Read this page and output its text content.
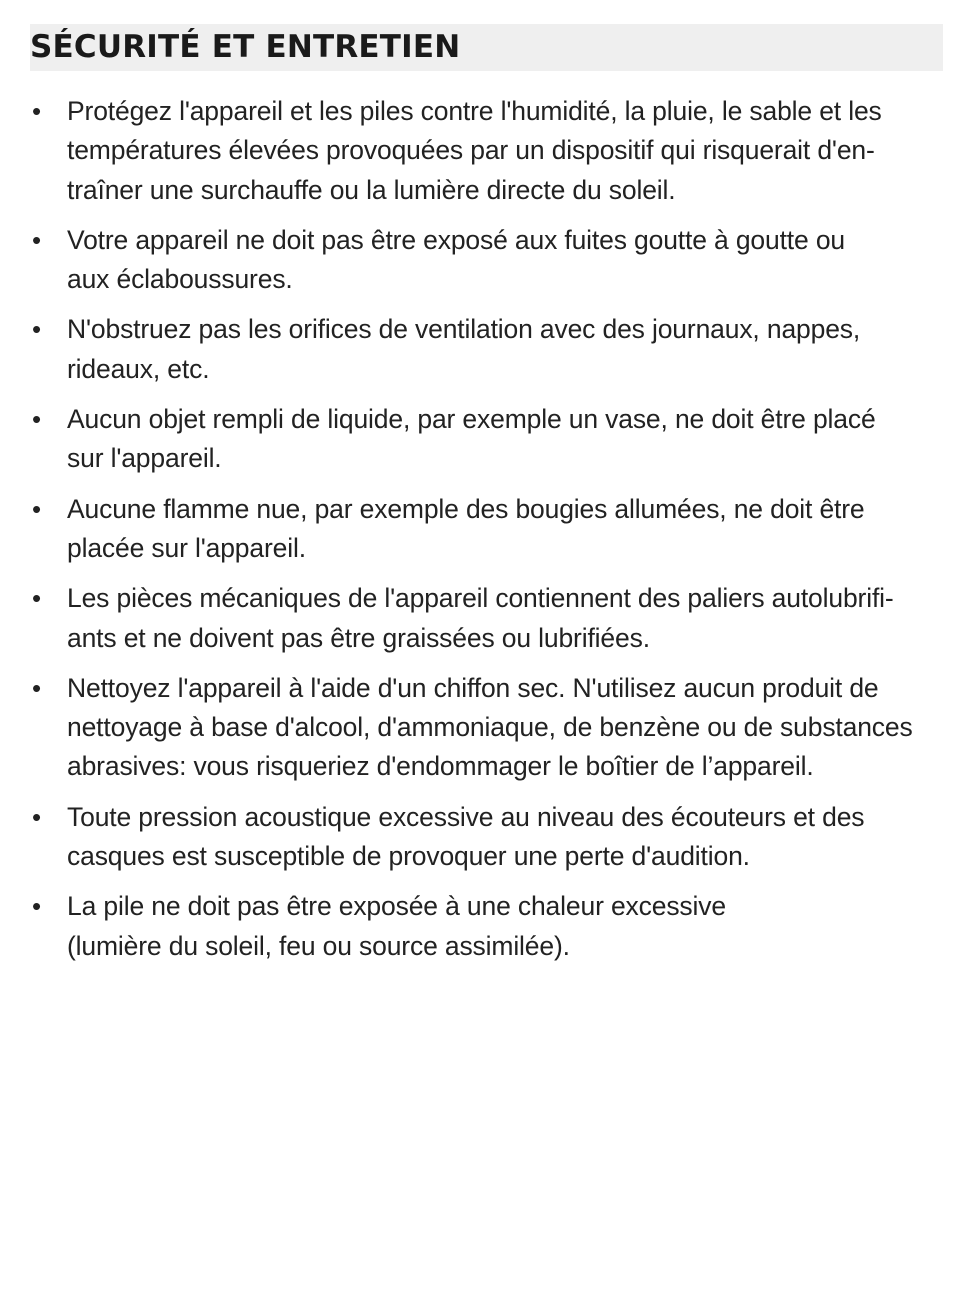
SÉCURITÉ ET ENTRETIEN
• Protégez l'appareil et les piles contre l'humidité, la pluie, le sable et les
températures élevées provoquées par un dispositif qui risquerait d'en-
traîner une surchauffe ou la lumière directe du soleil.
• Votre appareil ne doit pas être exposé aux fuites goutte à goutte ou
aux éclaboussures.
• N'obstruez pas les orifices de ventilation avec des journaux, nappes,
rideaux, etc.
• Aucun objet rempli de liquide, par exemple un vase, ne doit être placé
sur l'appareil.
• Aucune flamme nue, par exemple des bougies allumées, ne doit être
placée sur l'appareil.
• Les pièces mécaniques de l'appareil contiennent des paliers autolubrifi-
ants et ne doivent pas être graissées ou lubrifiées.
• Nettoyez l'appareil à l'aide d'un chiffon sec. N'utilisez aucun produit de
nettoyage à base d'alcool, d'ammoniaque, de benzène ou de substances
abrasives: vous risqueriez d'endommager le boîtier de l’appareil.
• Toute pression acoustique excessive au niveau des écouteurs et des
casques est susceptible de provoquer une perte d'audition.
• La pile ne doit pas être exposée à une chaleur excessive
(lumière du soleil, feu ou source assimilée).
